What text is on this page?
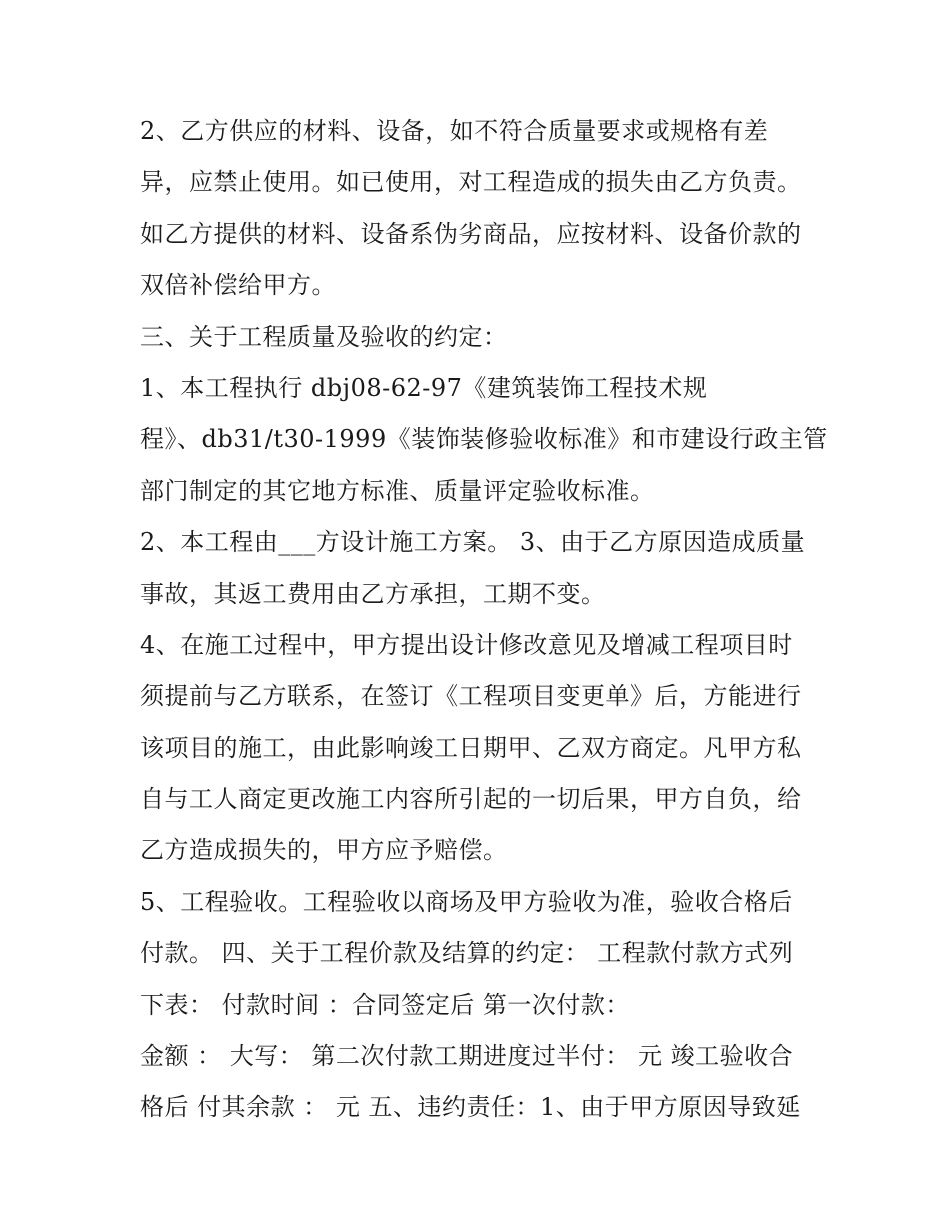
2、乙方供应的材料、设备，如不符合质量要求或规格有差
异，应禁止使用。如已使用，对工程造成的损失由乙方负责。
如乙方提供的材料、设备系伪劣商品，应按材料、设备价款的
双倍补偿给甲方。
三、关于工程质量及验收的约定：
1、本工程执行 dbj08-62-97《建筑装饰工程技术规
程》、db31/t30-1999《装饰装修验收标准》和市建设行政主管
部门制定的其它地方标准、质量评定验收标准。
2、本工程由___方设计施工方案。 3、由于乙方原因造成质量
事故，其返工费用由乙方承担，工期不变。
4、在施工过程中，甲方提出设计修改意见及增减工程项目时
须提前与乙方联系，在签订《工程项目变更单》后，方能进行
该项目的施工，由此影响竣工日期甲、乙双方商定。凡甲方私
自与工人商定更改施工内容所引起的一切后果，甲方自负，给
乙方造成损失的，甲方应予赔偿。
5、工程验收。工程验收以商场及甲方验收为准，验收合格后
付款。 四、关于工程价款及结算的约定： 工程款付款方式列
下表： 付款时间 ：合同签定后 第一次付款：
金额 ： 大写： 第二次付款工期进度过半付： 元 竣工验收合
格后 付其余款 ： 元 五、违约责任：1、由于甲方原因导致延
